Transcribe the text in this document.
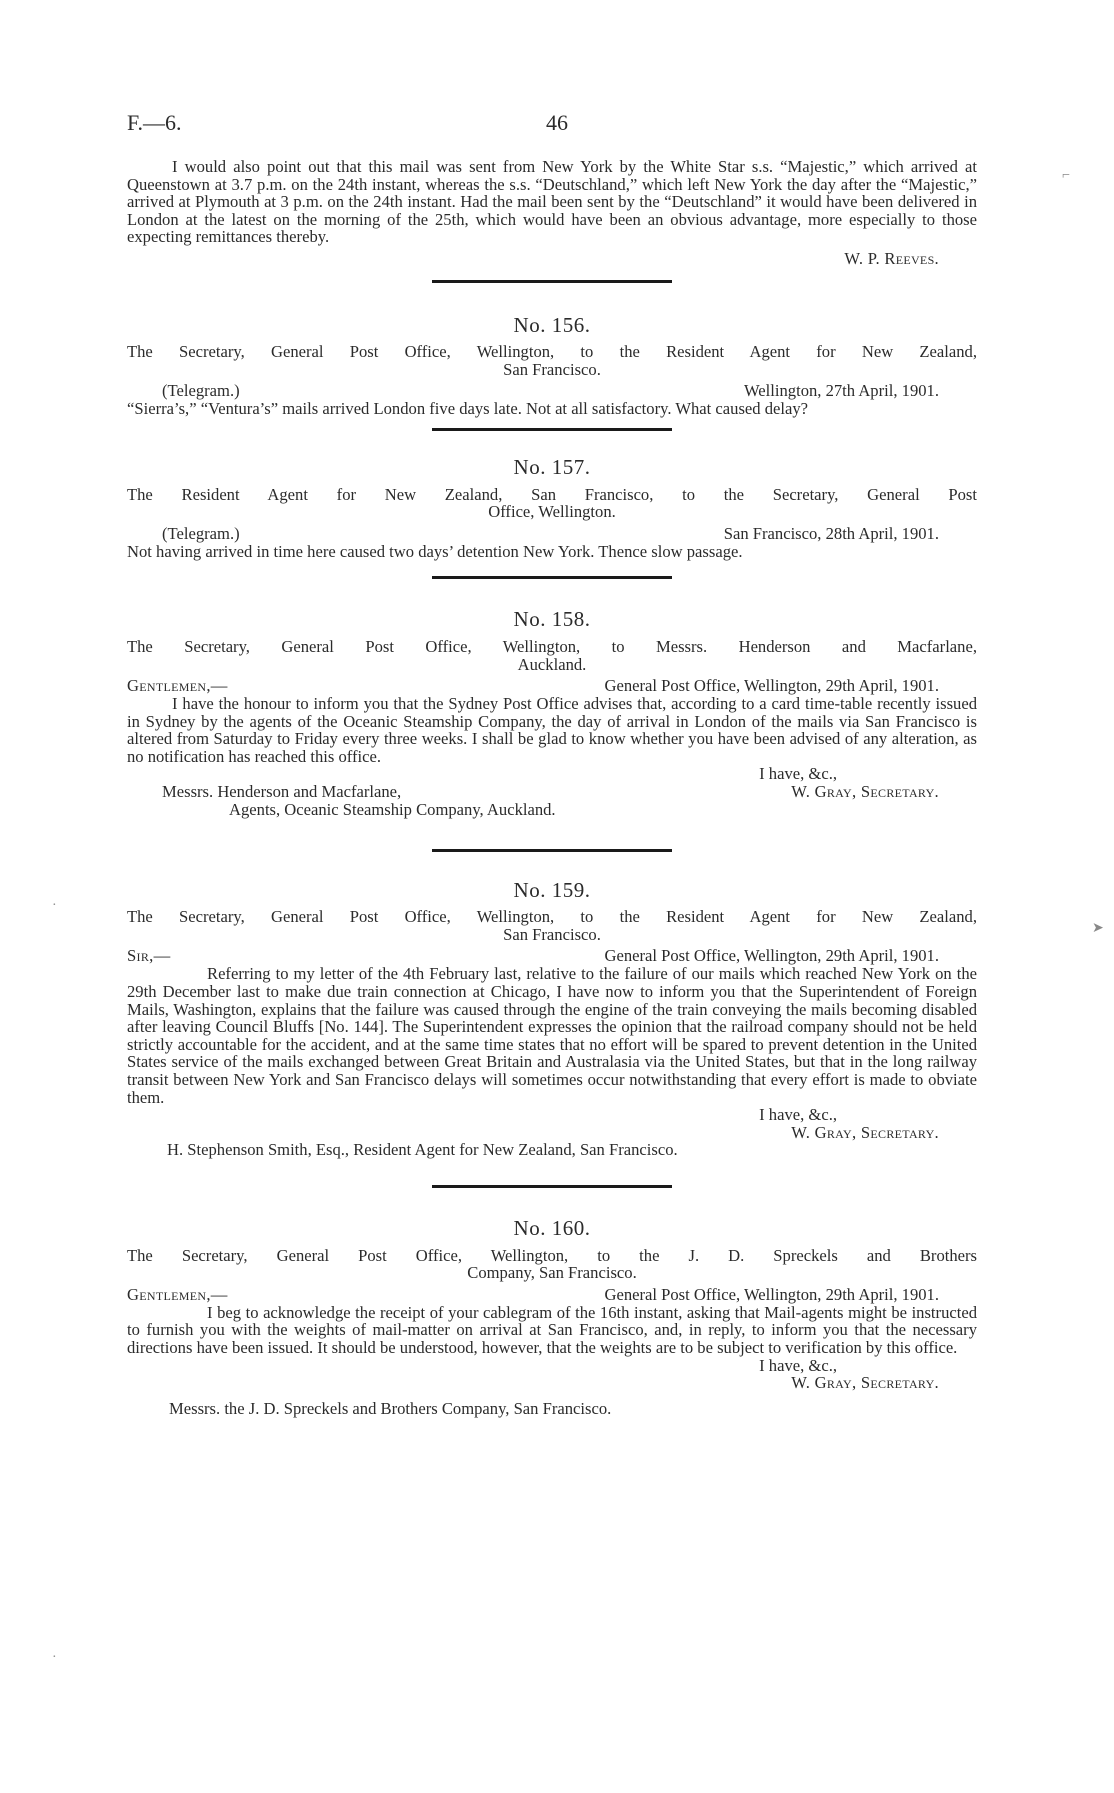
F.—6.	46

I would also point out that this mail was sent from New York by the White Star s.s. “Majestic,” which arrived at Queenstown at 3.7 p.m. on the 24th instant, whereas the s.s. “Deutschland,” which left New York the day after the “Majestic,” arrived at Plymouth at 3 p.m. on the 24th instant. Had the mail been sent by the “Deutschland” it would have been delivered in London at the latest on the morning of the 25th, which would have been an obvious advantage, more especially to those expecting remittances thereby.

W. P. Reeves.

No. 156.

The Secretary, General Post Office, Wellington, to the Resident Agent for New Zealand,
San Francisco.

(Telegram.)	Wellington, 27th April, 1901.

“Sierra’s,” “Ventura’s” mails arrived London five days late. Not at all satisfactory. What caused delay?

No. 157.

The Resident Agent for New Zealand, San Francisco, to the Secretary, General Post
Office, Wellington.

(Telegram.)	San Francisco, 28th April, 1901.

Not having arrived in time here caused two days’ detention New York. Thence slow passage.

No. 158.

The Secretary, General Post Office, Wellington, to Messrs. Henderson and Macfarlane,
Auckland.

Gentlemen,—	General Post Office, Wellington, 29th April, 1901.

I have the honour to inform you that the Sydney Post Office advises that, according to a card time-table recently issued in Sydney by the agents of the Oceanic Steamship Company, the day of arrival in London of the mails via San Francisco is altered from Saturday to Friday every three weeks. I shall be glad to know whether you have been advised of any alteration, as no notification has reached this office.

I have, &c.,

Messrs. Henderson and Macfarlane,	W. Gray, Secretary.

Agents, Oceanic Steamship Company, Auckland.

No. 159.

The Secretary, General Post Office, Wellington, to the Resident Agent for New Zealand,
San Francisco.

Sir,—	General Post Office, Wellington, 29th April, 1901.

Referring to my letter of the 4th February last, relative to the failure of our mails which reached New York on the 29th December last to make due train connection at Chicago, I have now to inform you that the Superintendent of Foreign Mails, Washington, explains that the failure was caused through the engine of the train conveying the mails becoming disabled after leaving Council Bluffs [No. 144]. The Superintendent expresses the opinion that the railroad company should not be held strictly accountable for the accident, and at the same time states that no effort will be spared to prevent detention in the United States service of the mails exchanged between Great Britain and Australasia via the United States, but that in the long railway transit between New York and San Francisco delays will sometimes occur notwithstanding that every effort is made to obviate them.

I have, &c.,

W. Gray, Secretary.

H. Stephenson Smith, Esq., Resident Agent for New Zealand, San Francisco.

No. 160.

The Secretary, General Post Office, Wellington, to the J. D. Spreckels and Brothers
Company, San Francisco.

Gentlemen,—	General Post Office, Wellington, 29th April, 1901.

I beg to acknowledge the receipt of your cablegram of the 16th instant, asking that Mail-agents might be instructed to furnish you with the weights of mail-matter on arrival at San Francisco, and, in reply, to inform you that the necessary directions have been issued. It should be understood, however, that the weights are to be subject to verification by this office.

I have, &c.,

W. Gray, Secretary.

Messrs. the J. D. Spreckels and Brothers Company, San Francisco.

⌐
➤
·
·
